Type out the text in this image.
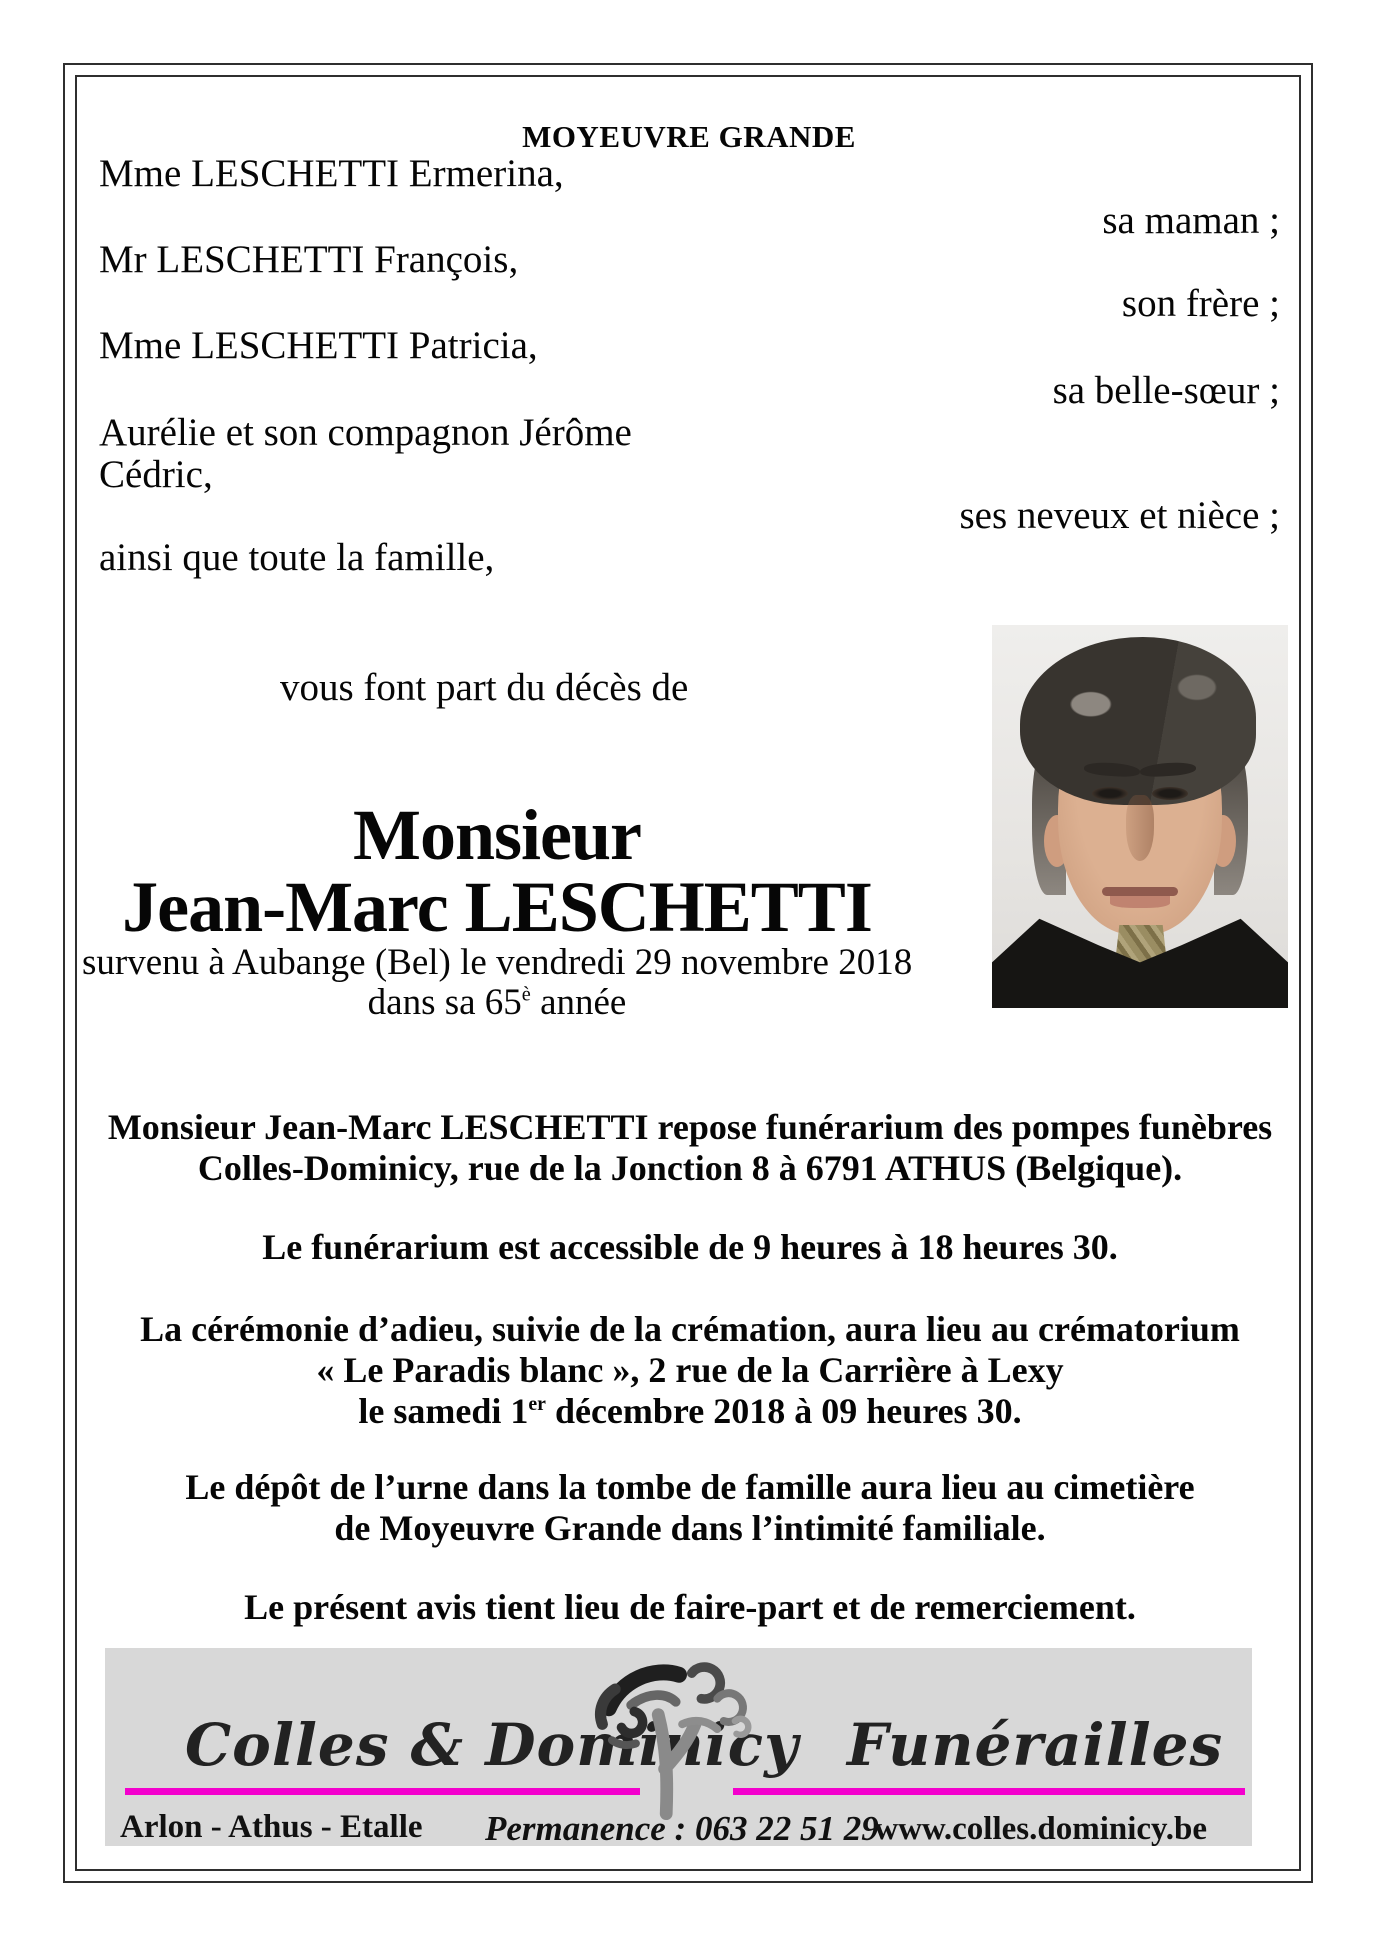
MOYEUVRE GRANDE
Mme LESCHETTI Ermerina,
Mr LESCHETTI François,
Mme LESCHETTI Patricia,
Aurélie et son compagnon Jérôme
Cédric,
ainsi que toute la famille,
sa maman ;
son frère ;
sa belle-sœur ;
ses neveux et nièce ;
vous font part du décès de
Monsieur
Jean-Marc LESCHETTI
survenu à Aubange (Bel) le vendredi 29 novembre 2018
dans sa $65^è$ année
Monsieur Jean-Marc LESCHETTI repose funérarium des pompes funèbres
Colles-Dominicy, rue de la Jonction 8 à 6791 ATHUS (Belgique).
Le funérarium est accessible de 9 heures à 18 heures 30.
La cérémonie d’adieu, suivie de la crémation, aura lieu au crématorium
« Le Paradis blanc », 2 rue de la Carrière à Lexy
le samedi 1er décembre 2018 à 09 heures 30.
Le dépôt de l’urne dans la tombe de famille aura lieu au cimetière
de Moyeuvre Grande dans l’intimité familiale.
Le présent avis tient lieu de faire-part et de remerciement.
Colles & Dominicy Funérailles
Arlon - Athus - Etalle Permanence : 063 22 51 29
www.colles.dominicy.be
